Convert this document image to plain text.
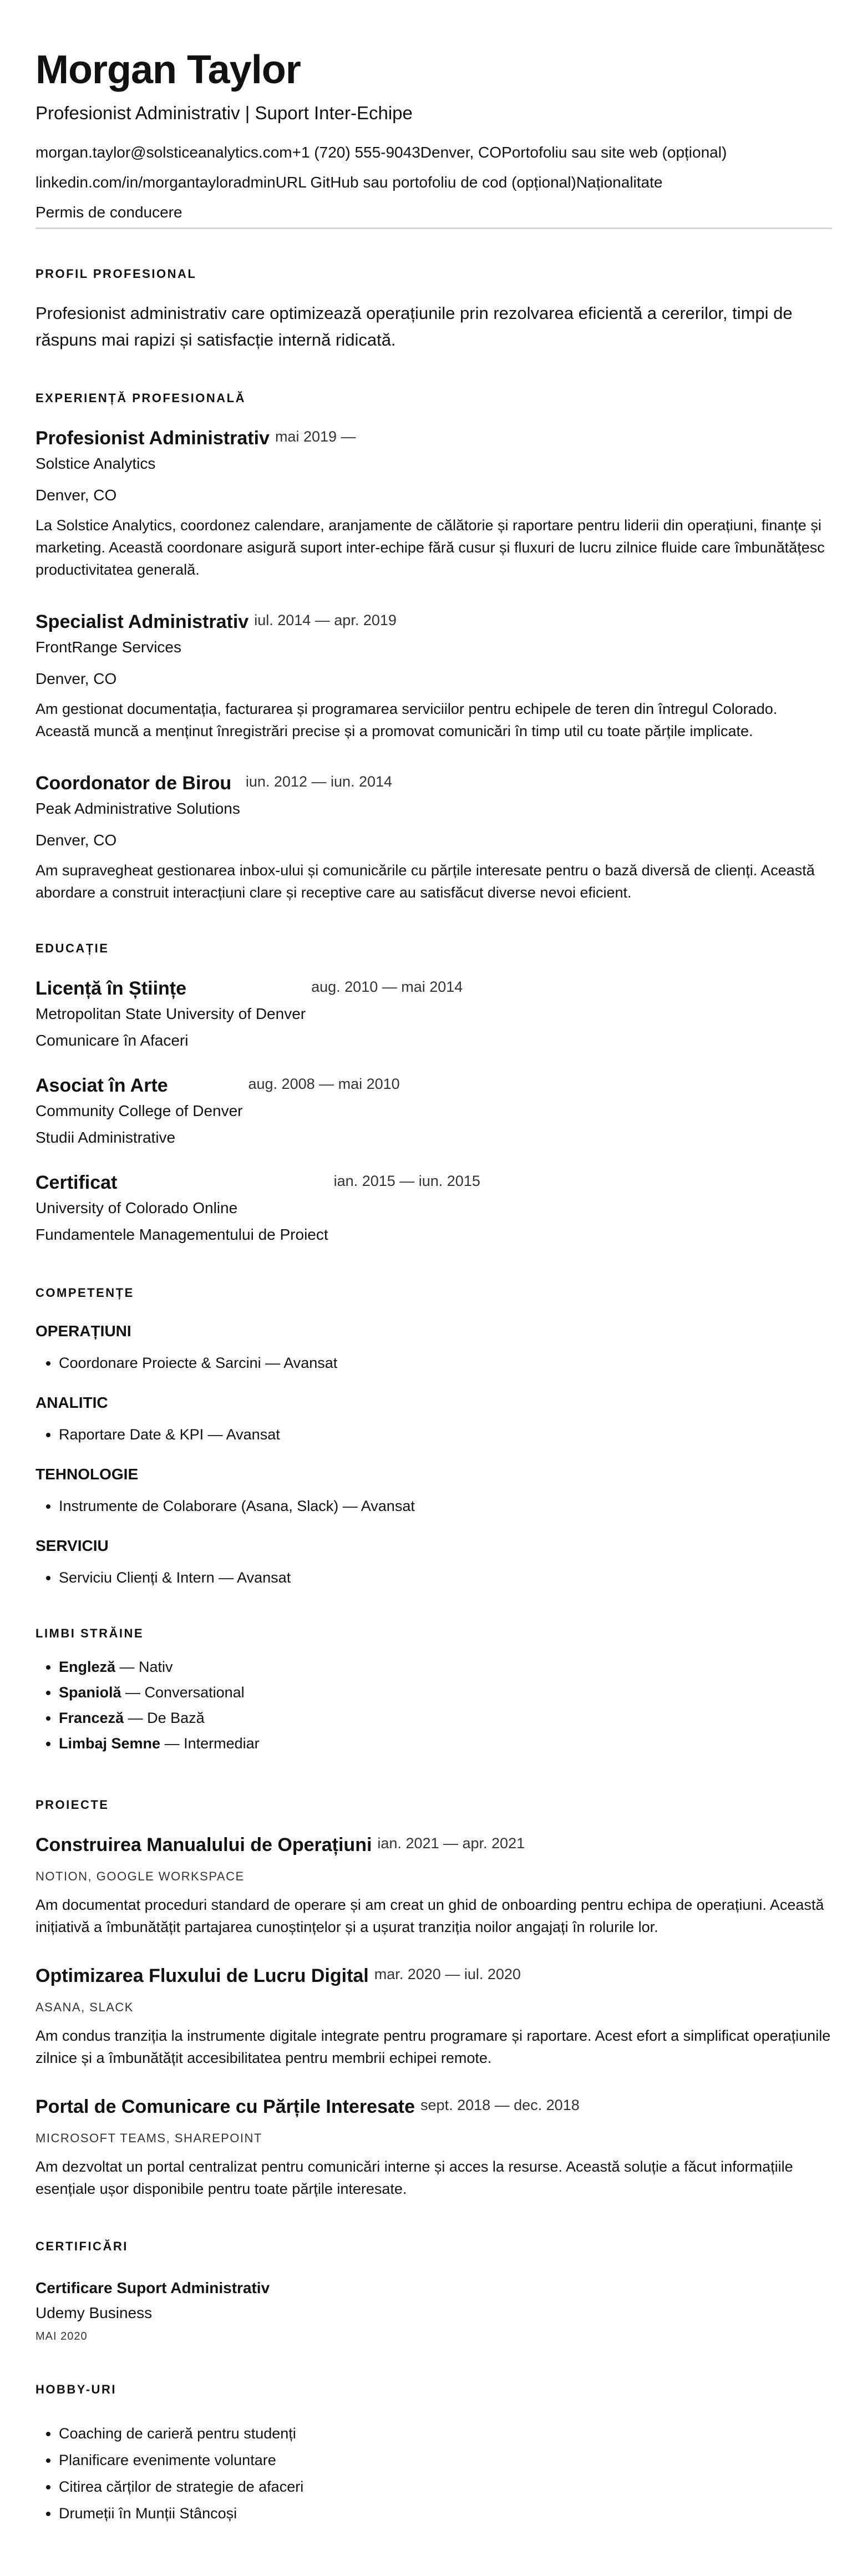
Morgan Taylor
Profesionist Administrativ | Suport Inter-Echipe
morgan.taylor@solsticeanalytics.com +1 (720) 555-9043 Denver, CO Portofoliu sau site web (opțional)
linkedin.com/in/morgantayloradmin URL GitHub sau portofoliu de cod (opțional) Naționalitate
Permis de conducere
PROFIL PROFESIONAL
Profesionist administrativ care optimizează operațiunile prin rezolvarea eficientă a cererilor, timpi de răspuns mai rapizi și satisfacție internă ridicată.
EXPERIENȚĂ PROFESIONALĂ
Profesionist Administrativ
Solstice Analytics
Denver, CO
mai 2019 —
La Solstice Analytics, coordonez calendare, aranjamente de călătorie și raportare pentru liderii din operațiuni, finanțe și marketing. Această coordonare asigură suport inter-echipe fără cusur și fluxuri de lucru zilnice fluide care îmbunătățesc productivitatea generală.
Specialist Administrativ
FrontRange Services
Denver, CO
iul. 2014 — apr. 2019
Am gestionat documentația, facturarea și programarea serviciilor pentru echipele de teren din întregul Colorado. Această muncă a menținut înregistrări precise și a promovat comunicări în timp util cu toate părțile implicate.
Coordonator de Birou
Peak Administrative Solutions
Denver, CO
iun. 2012 — iun. 2014
Am supravegheat gestionarea inbox-ului și comunicările cu părțile interesate pentru o bază diversă de clienți. Această abordare a construit interacțiuni clare și receptive care au satisfăcut diverse nevoi eficient.
EDUCAȚIE
Licență în Științe
Metropolitan State University of Denver
Comunicare în Afaceri
aug. 2010 — mai 2014
Asociat în Arte
Community College of Denver
Studii Administrative
aug. 2008 — mai 2010
Certificat
University of Colorado Online
Fundamentele Managementului de Proiect
ian. 2015 — iun. 2015
COMPETENȚE
OPERAȚIUNI
• Coordonare Proiecte & Sarcini — Avansat
ANALITIC
• Raportare Date & KPI — Avansat
TEHNOLOGIE
• Instrumente de Colaborare (Asana, Slack) — Avansat
SERVICIU
• Serviciu Clienți & Intern — Avansat
LIMBI STRĂINE
• Engleză — Nativ
• Spaniolă — Conversational
• Franceză — De Bază
• Limbaj Semne — Intermediar
PROIECTE
Construirea Manualului de Operațiuni ian. 2021 — apr. 2021
NOTION, GOOGLE WORKSPACE
Am documentat proceduri standard de operare și am creat un ghid de onboarding pentru echipa de operațiuni. Această inițiativă a îmbunătățit partajarea cunoștințelor și a ușurat tranziția noilor angajați în rolurile lor.
Optimizarea Fluxului de Lucru Digital mar. 2020 — iul. 2020
ASANA, SLACK
Am condus tranziția la instrumente digitale integrate pentru programare și raportare. Acest efort a simplificat operațiunile zilnice și a îmbunătățit accesibilitatea pentru membrii echipei remote.
Portal de Comunicare cu Părțile Interesate sept. 2018 — dec. 2018
MICROSOFT TEAMS, SHAREPOINT
Am dezvoltat un portal centralizat pentru comunicări interne și acces la resurse. Această soluție a făcut informațiile esențiale ușor disponibile pentru toate părțile interesate.
CERTIFICĂRI
Certificare Suport Administrativ
Udemy Business
MAI 2020
HOBBY-URI
• Coaching de carieră pentru studenți
• Planificare evenimente voluntare
• Citirea cărților de strategie de afaceri
• Drumeții în Munții Stâncoși
